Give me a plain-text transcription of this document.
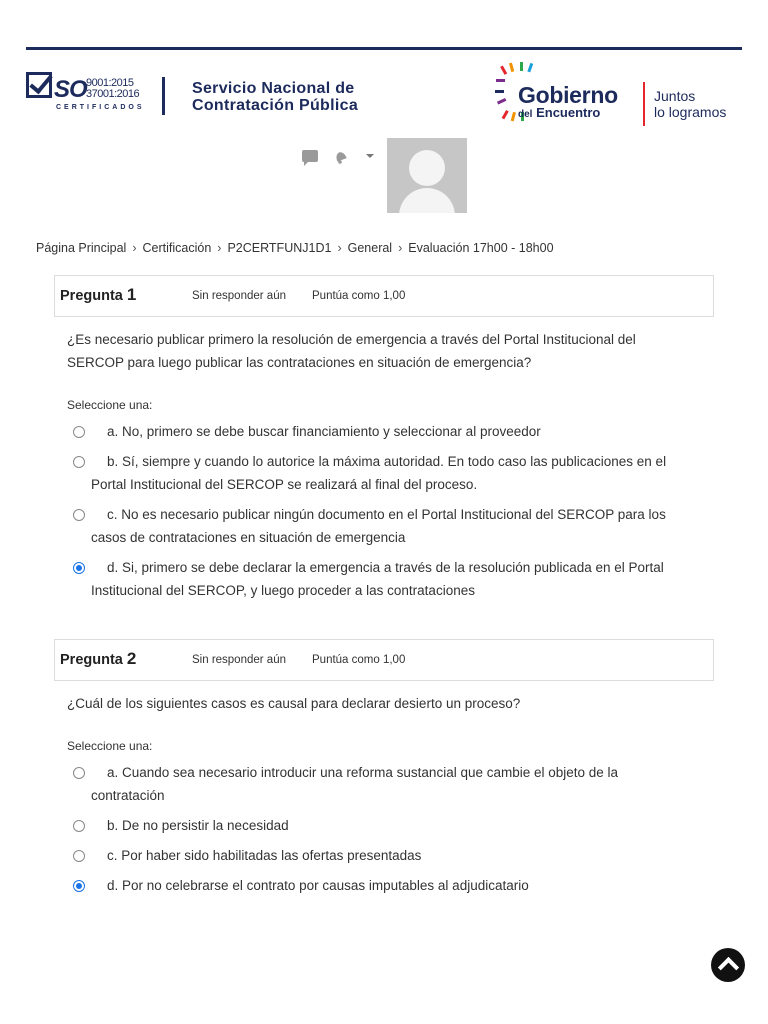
SO 9001:2015
37001:2016
CERTIFICADOS
Servicio Nacional de
Contratación Pública	Gobierno
del Encuentro
Juntos
lo logramos
Página Principal › Certificación › P2CERTFUNJ1D1 › General › Evaluación 17h00 - 18h00
Pregunta 1	Sin responder aún Puntúa como 1,00
¿Es necesario publicar primero la resolución de emergencia a través del Portal Institucional del SERCOP para luego publicar las contrataciones en situación de emergencia?
Seleccione una:
a. No, primero se debe buscar financiamiento y seleccionar al proveedor
b. Sí, siempre y cuando lo autorice la máxima autoridad. En todo caso las publicaciones en el Portal Institucional del SERCOP se realizará al final del proceso.
c. No es necesario publicar ningún documento en el Portal Institucional del SERCOP para los casos de contrataciones en situación de emergencia
d. Si, primero se debe declarar la emergencia a través de la resolución publicada en el Portal Institucional del SERCOP, y luego proceder a las contrataciones
Pregunta 2	Sin responder aún Puntúa como 1,00
¿Cuál de los siguientes casos es causal para declarar desierto un proceso?
Seleccione una:
a. Cuando sea necesario introducir una reforma sustancial que cambie el objeto de la contratación
b. De no persistir la necesidad
c. Por haber sido habilitadas las ofertas presentadas
d. Por no celebrarse el contrato por causas imputables al adjudicatario
